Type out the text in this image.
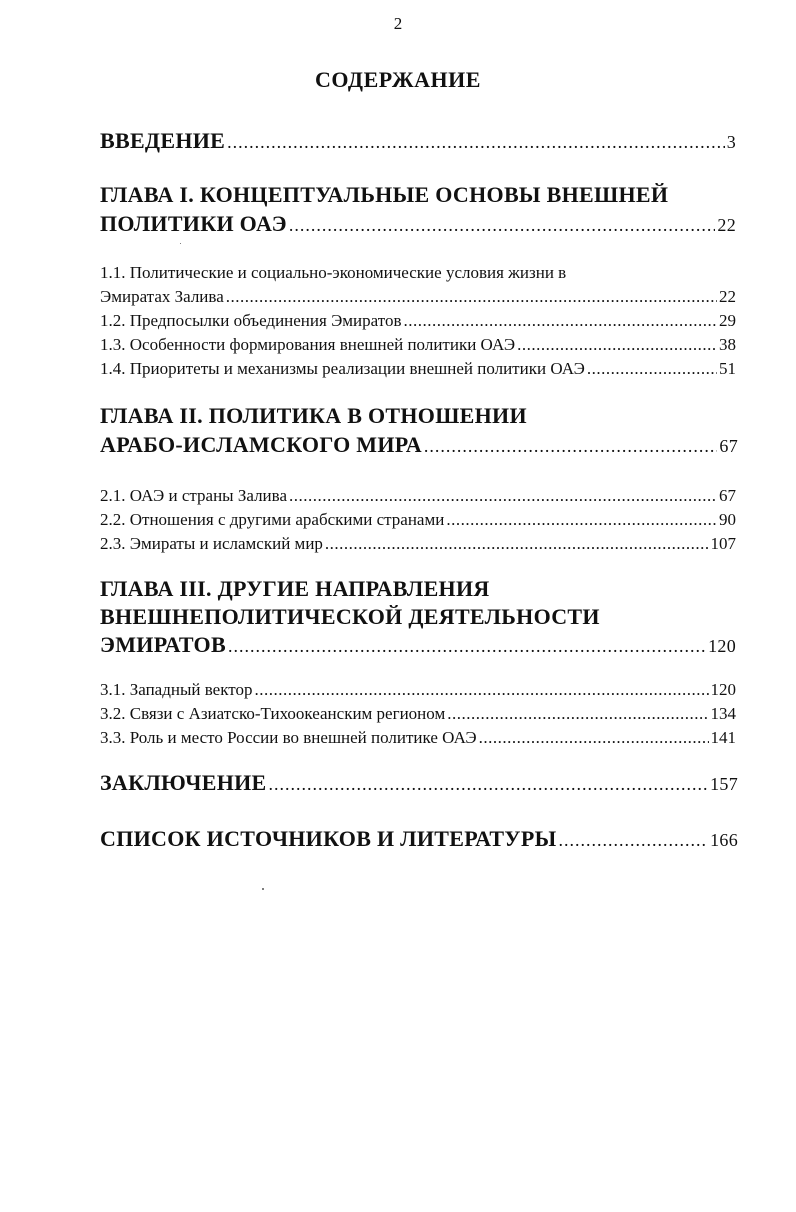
2
СОДЕРЖАНИЕ
ВВЕДЕНИЕ .....	3
ГЛАВА I. КОНЦЕПТУАЛЬНЫЕ ОСНОВЫ ВНЕШНЕЙ
ПОЛИТИКИ ОАЭ .....	22
1.1. Политические и социально-экономические условия жизни в
Эмиратах Залива .....	22
1.2. Предпосылки объединения Эмиратов .....	29
1.3. Особенности формирования внешней политики ОАЭ .....	38
1.4. Приоритеты и механизмы реализации внешней политики ОАЭ .....	51
ГЛАВА II. ПОЛИТИКА В ОТНОШЕНИИ
АРАБО-ИСЛАМСКОГО МИРА .....	67
2.1. ОАЭ и страны Залива .....	67
2.2. Отношения с другими арабскими странами .....	90
2.3. Эмираты и исламский мир .....	107
ГЛАВА III. ДРУГИЕ НАПРАВЛЕНИЯ
ВНЕШНЕПОЛИТИЧЕСКОЙ ДЕЯТЕЛЬНОСТИ
ЭМИРАТОВ .....	120
3.1. Западный вектор .....	120
3.2. Связи с Азиатско-Тихоокеанским регионом .....	134
3.3. Роль и место России во внешней политике ОАЭ .....	141
ЗАКЛЮЧЕНИЕ .....	157
СПИСОК ИСТОЧНИКОВ И ЛИТЕРАТУРЫ .....	166
